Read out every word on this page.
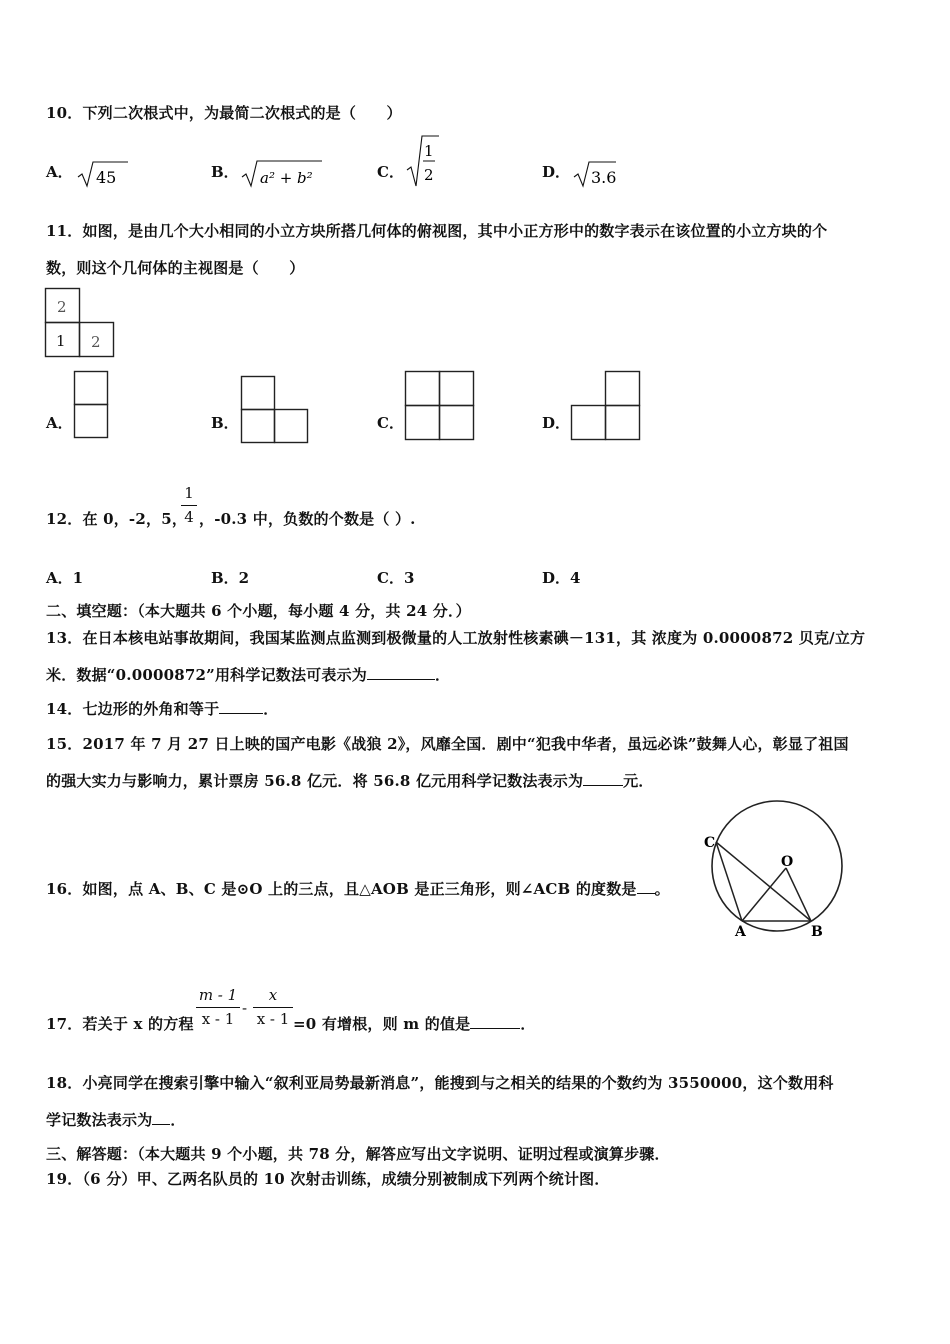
10．下列二次根式中，为最简二次根式的是（　　）
A． 45	B． a² + b²	C．
1
2	D． 3.6
11．如图，是由几个大小相同的小立方块所搭几何体的俯视图，其中小正方形中的数字表示在该位置的小立方块的个
数，则这个几何体的主视图是（　　）
2
1 2
A．	B．	C．	D．
12．在 0，-2，5，
1
4 ，-0.3 中，负数的个数是（ ）.
A．1	B．2	C．3	D．4
二、填空题：（本大题共 6 个小题，每小题 4 分，共 24 分．）
13．在日本核电站事故期间，我国某监测点监测到极微量的人工放射性核素碘－131，其 浓度为 0.0000872 贝克/立方
米．数据“0.0000872”用科学记数法可表示为	．
14．七边形的外角和等于	．
15．2017 年 7 月 27 日上映的国产电影《战狼 2》，风靡全国．剧中“犯我中华者，虽远必诛”鼓舞人心，彰显了祖国
的强大实力与影响力，累计票房 56.8 亿元．将 56.8 亿元用科学记数法表示为	元．
16．如图，点 A、B、C 是⊙O 上的三点，且△AOB 是正三角形，则∠ACB 的度数是 。
C
O
A	B
17．若关于 x 的方程
m - 1
x - 1
-
x
x - 1 =0 有增根，则 m 的值是	．
18．小亮同学在搜索引擎中输入“叙利亚局势最新消息”，能搜到与之相关的结果的个数约为 3550000，这个数用科
学记数法表示为 ．
三、解答题：（本大题共 9 个小题，共 78 分，解答应写出文字说明、证明过程或演算步骤．
19．（6 分）甲、乙两名队员的 10 次射击训练，成绩分别被制成下列两个统计图．
